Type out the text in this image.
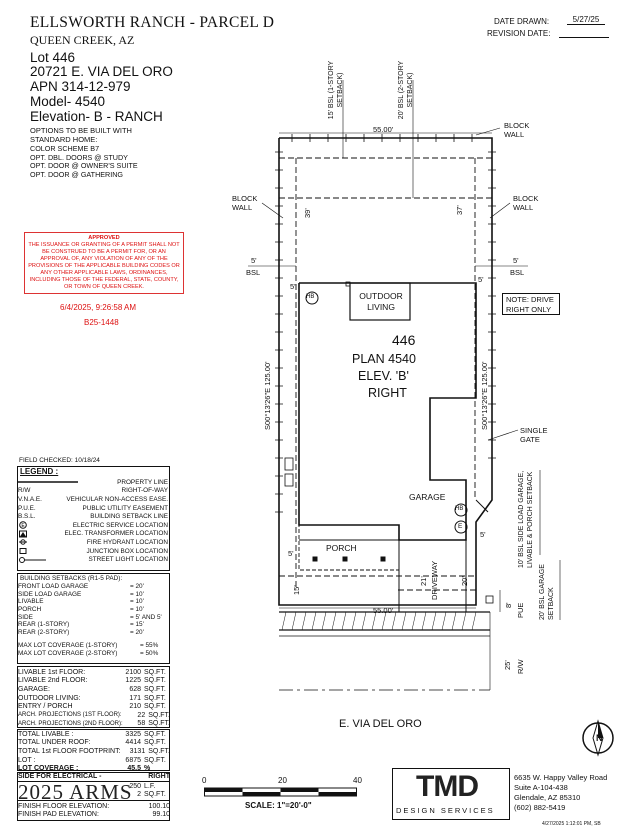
ELLSWORTH RANCH - PARCEL D
QUEEN CREEK, AZ
Lot 446
20721 E. VIA DEL ORO
APN 314-12-979
Model- 4540
Elevation- B - RANCH
OPTIONS TO BE BUILT WITH STANDARD HOME:
COLOR SCHEME B7
OPT. DBL. DOORS @ STUDY
OPT. DOOR @ OWNER'S SUITE
OPT. DOOR @ GATHERING
APPROVED
THE ISSUANCE OR GRANTING OF A PERMIT SHALL NOT BE CONSTRUED TO BE A PERMIT FOR, OR AN APPROVAL OF, ANY VIOLATION OF ANY OF THE PROVISIONS OF THE APPLICABLE BUILDING CODES OR ANY OTHER APPLICABLE LAWS, ORDINANCES, INCLUDING THOSE OF THE FEDERAL, STATE, COUNTY, OR TOWN OF QUEEN CREEK.
6/4/2025, 9:26:58 AM
B25-1448
DATE DRAWN:	5/27/25
REVISION DATE:
FIELD CHECKED: 10/18/24
LEGEND :
PROPERTY LINE
R/W	RIGHT-OF-WAY
V.N.A.E.	VEHICULAR NON-ACCESS EASE.
P.U.E.	PUBLIC UTILITY EASEMENT
B.S.L.	BUILDING SETBACK LINE
E	ELECTRIC SERVICE LOCATION
ELEC. TRANSFORMER LOCATION
FIRE HYDRANT LOCATION
JUNCTION BOX LOCATION
STREET LIGHT LOCATION
BUILDING SETBACKS (R1-5 PAD):
FRONT LOAD GARAGE	= 20'
SIDE LOAD GARAGE	= 10'
LIVABLE	= 10'
PORCH	= 10'
SIDE	= 5' AND 5'
REAR (1-STORY)	= 15'
REAR (2-STORY)	= 20'
MAX LOT COVERAGE (1-STORY)	= 55%
MAX LOT COVERAGE (2-STORY)	= 50%
LIVABLE 1st FLOOR:	2100 SQ.FT.
LIVABLE 2nd FLOOR:	1225 SQ.FT.
GARAGE:	628 SQ.FT.
OUTDOOR LIVING:	171 SQ.FT.
ENTRY / PORCH	210 SQ.FT.
ARCH. PROJECTIONS (1ST FLOOR):	22 SQ.FT.
ARCH. PROJECTIONS (2ND FLOOR):	58 SQ.FT.
TOTAL LIVABLE :	3325 SQ.FT.
TOTAL UNDER ROOF:	4414 SQ.FT.
TOTAL 1st FLOOR FOOTPRINT:	3131 SQ.FT.
LOT :	6875 SQ.FT.
LOT COVERAGE :	45.5 %
SIDE FOR ELECTRICAL -	RIGHT
2025 ARMS
250 L.F.
2 SQ.FT.
FINISH FLOOR ELEVATION:	100.10
FINISH PAD ELEVATION:	99.10
446
PLAN 4540
ELEV. 'B'
RIGHT
OUTDOOR LIVING
GARAGE
PORCH
DRIVEWAY
E. VIA DEL ORO
NOTE: DRIVE RIGHT ONLY
55.00'
55.00'
S00°13'26"E 125.00'	S00°13'26"E 125.00'
15' BSL (1-STORY SETBACK)	20' BSL (2-STORY SETBACK)
39'	37'
5'	5'
BSL	BSL
5'
5'
BLOCK WALL
BLOCK WALL
BLOCK WALL
SINGLE GATE
10' BSL SIDE LOAD GARAGE, LIVABLE & PORCH SETBACK
20' BSL GARAGE SETBACK
21'	20'
15'
8' PUE
25' R/W
HB
HB
E
5'
5'
N
0	20	40
SCALE: 1"=20'-0"
TMD
DESIGN SERVICES
6635 W. Happy Valley Road
Suite A-104-438
Glendale, AZ 85310
(602) 882-5419
4/27/2025 1:12:01 PM, SB
